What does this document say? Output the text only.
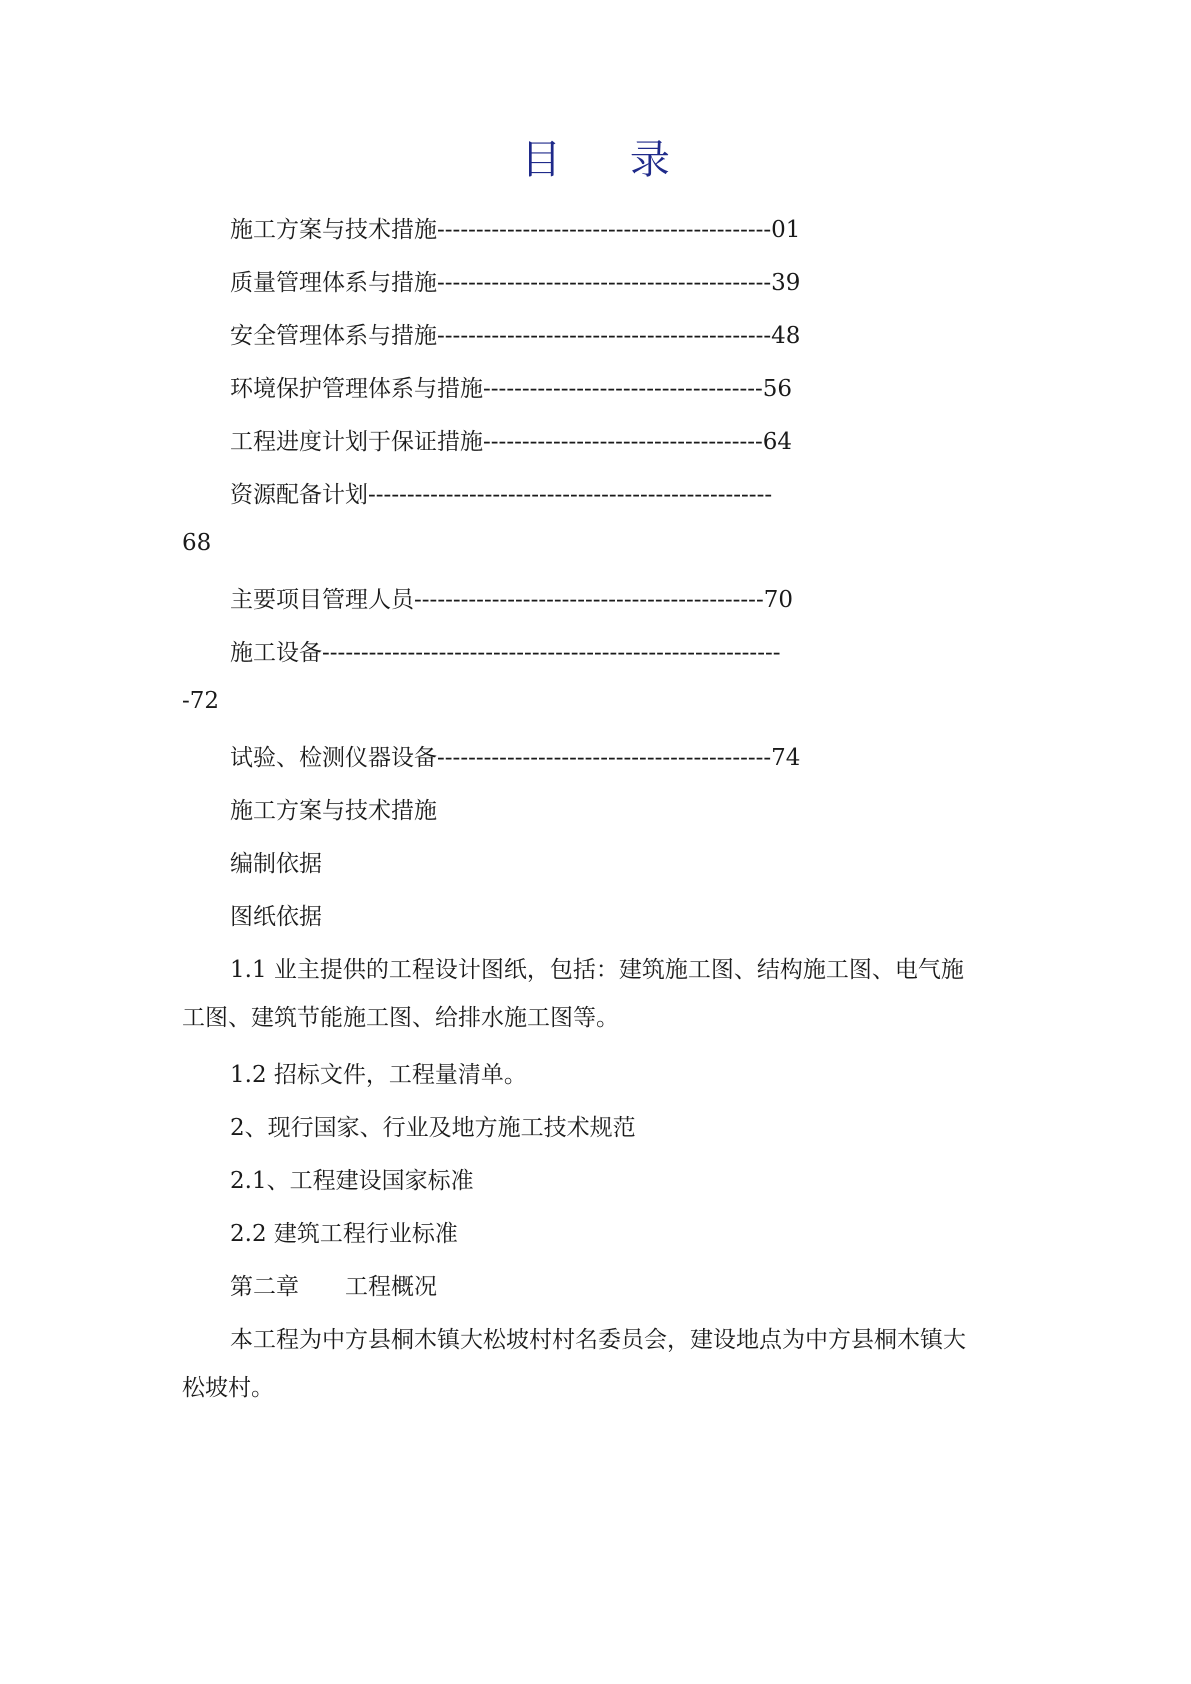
目 录
施工方案与技术措施-------------------------------------------01
质量管理体系与措施-------------------------------------------39
安全管理体系与措施-------------------------------------------48
环境保护管理体系与措施------------------------------------56
工程进度计划于保证措施------------------------------------64
资源配备计划----------------------------------------------------
68
主要项目管理人员---------------------------------------------70
施工设备-----------------------------------------------------------
-72
试验、检测仪器设备-------------------------------------------74
施工方案与技术措施
编制依据
图纸依据
1.1 业主提供的工程设计图纸，包括：建筑施工图、结构施工图、电气施
工图、建筑节能施工图、给排水施工图等。
1.2 招标文件，工程量清单。
2、现行国家、行业及地方施工技术规范
2.1、工程建设国家标准
2.2 建筑工程行业标准
第二章　　工程概况
本工程为中方县桐木镇大松坡村村名委员会，建设地点为中方县桐木镇大
松坡村。
